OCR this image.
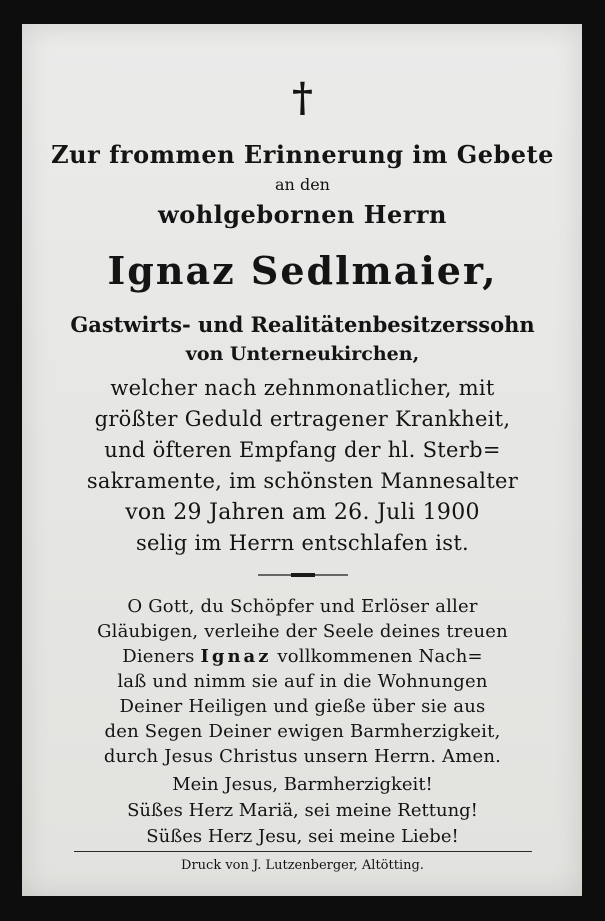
†
Zur frommen Erinnerung im Gebete
an den
wohlgebornen Herrn
Ignaz Sedlmaier,
Gastwirts- und Realitätenbesitzerssohn
von Unterneukirchen,
welcher nach zehnmonatlicher, mit
größter Geduld ertragener Krankheit,
und öfteren Empfang der hl. Sterb=
sakramente, im schönsten Mannesalter
von 29 Jahren am 26. Juli 1900
selig im Herrn entschlafen ist.
O Gott, du Schöpfer und Erlöser aller
Gläubigen, verleihe der Seele deines treuen
Dieners Ignaz vollkommenen Nach=
laß und nimm sie auf in die Wohnungen
Deiner Heiligen und gieße über sie aus
den Segen Deiner ewigen Barmherzigkeit,
durch Jesus Christus unsern Herrn. Amen.
Mein Jesus, Barmherzigkeit!
Süßes Herz Mariä, sei meine Rettung!
Süßes Herz Jesu, sei meine Liebe!
Druck von J. Lutzenberger, Altötting.
